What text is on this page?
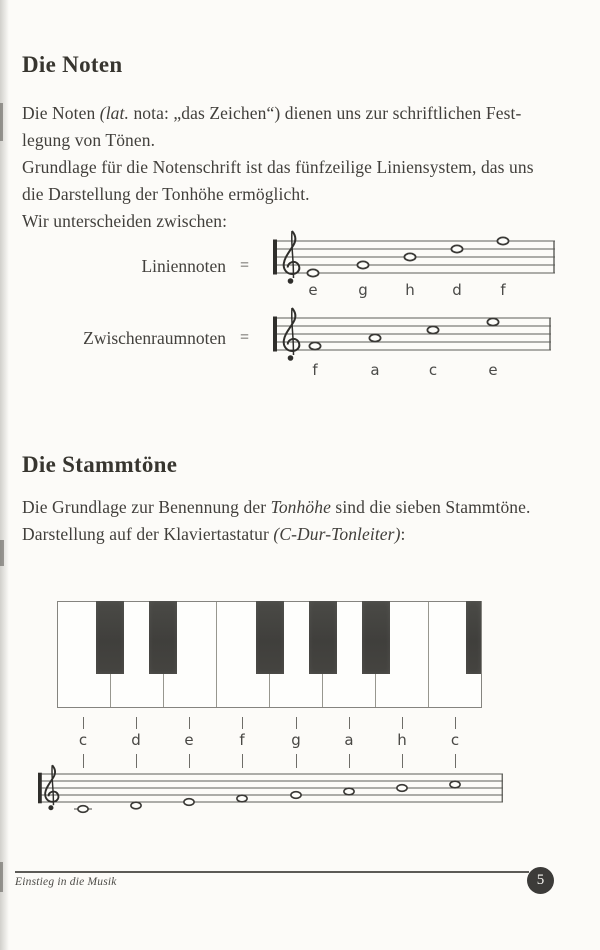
Die Noten
Die Noten (lat. nota: „das Zeichen“) dienen uns zur schriftlichen Fest-
legung von Tönen.
Grundlage für die Notenschrift ist das fünfzeilige Liniensystem, das uns
die Darstellung der Tonhöhe ermöglicht.
Wir unterscheiden zwischen:
Liniennoten =
e	g h d	f
Zwischenraumnoten =
f	a	c	e
Die Stammtöne
Die Grundlage zur Benennung der Tonhöhe sind die sieben Stammtöne.
Darstellung auf der Klaviertastatur (C-Dur-Tonleiter):
c	d	e	f	g	a	h	c
Einstieg in die Musik	5
